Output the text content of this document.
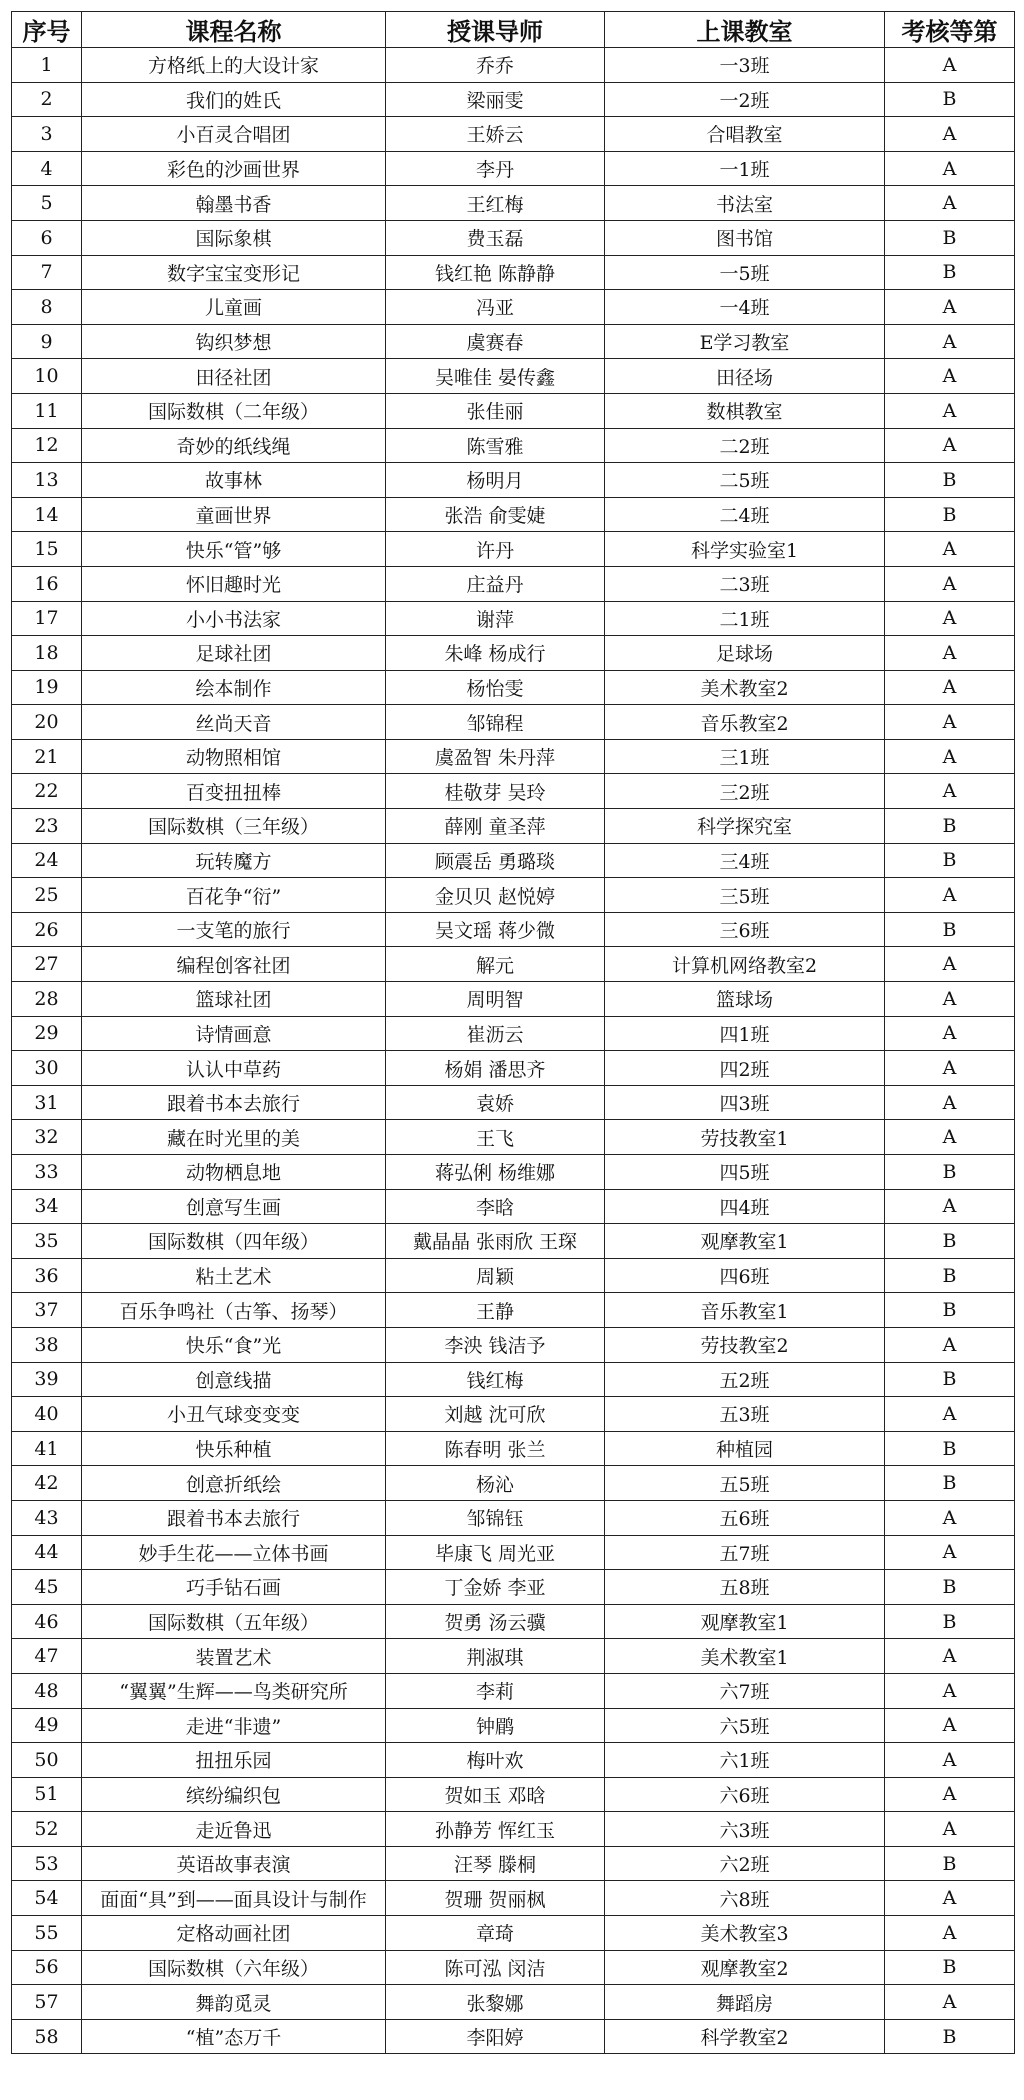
序号	课程名称	授课导师	上课教室	考核等第
1	方格纸上的大设计家	乔乔	一3班	A
2	我们的姓氏	梁丽雯	一2班	B
3	小百灵合唱团	王娇云	合唱教室	A
4	彩色的沙画世界	李丹	一1班	A
5	翰墨书香	王红梅	书法室	A
6	国际象棋	费玉磊	图书馆	B
7	数字宝宝变形记	钱红艳 陈静静	一5班	B
8	儿童画	冯亚	一4班	A
9	钩织梦想	虞赛春	E学习教室	A
10	田径社团	吴唯佳 晏传鑫	田径场	A
11	国际数棋（二年级）	张佳丽	数棋教室	A
12	奇妙的纸线绳	陈雪雅	二2班	A
13	故事林	杨明月	二5班	B
14	童画世界	张浩 俞雯婕	二4班	B
15	快乐“管”够	许丹	科学实验室1	A
16	怀旧趣时光	庄益丹	二3班	A
17	小小书法家	谢萍	二1班	A
18	足球社团	朱峰 杨成行	足球场	A
19	绘本制作	杨怡雯	美术教室2	A
20	丝尚天音	邹锦程	音乐教室2	A
21	动物照相馆	虞盈智 朱丹萍	三1班	A
22	百变扭扭棒	桂敬芽 吴玲	三2班	A
23	国际数棋（三年级）	薛刚 童圣萍	科学探究室	B
24	玩转魔方	顾震岳 勇璐琰	三4班	B
25	百花争“衍”	金贝贝 赵悦婷	三5班	A
26	一支笔的旅行	吴文瑶 蒋少微	三6班	B
27	编程创客社团	解元	计算机网络教室2	A
28	篮球社团	周明智	篮球场	A
29	诗情画意	崔沥云	四1班	A
30	认认中草药	杨娟 潘思齐	四2班	A
31	跟着书本去旅行	袁娇	四3班	A
32	藏在时光里的美	王飞	劳技教室1	A
33	动物栖息地	蒋弘俐 杨维娜	四5班	B
34	创意写生画	李晗	四4班	A
35	国际数棋（四年级）	戴晶晶 张雨欣 王琛	观摩教室1	B
36	粘土艺术	周颖	四6班	B
37	百乐争鸣社（古筝、扬琴）	王静	音乐教室1	B
38	快乐“食”光	李泱 钱洁予	劳技教室2	A
39	创意线描	钱红梅	五2班	B
40	小丑气球变变变	刘越 沈可欣	五3班	A
41	快乐种植	陈春明 张兰	种植园	B
42	创意折纸绘	杨沁	五5班	B
43	跟着书本去旅行	邹锦钰	五6班	A
44	妙手生花——立体书画	毕康飞 周光亚	五7班	A
45	巧手钻石画	丁金娇 李亚	五8班	B
46	国际数棋（五年级）	贺勇 汤云骥	观摩教室1	B
47	装置艺术	荆淑琪	美术教室1	A
48	“翼翼”生辉——鸟类研究所	李莉	六7班	A
49	走进“非遗”	钟鹛	六5班	A
50	扭扭乐园	梅叶欢	六1班	A
51	缤纷编织包	贺如玉 邓晗	六6班	A
52	走近鲁迅	孙静芳 恽红玉	六3班	A
53	英语故事表演	汪琴 滕桐	六2班	B
54	面面“具”到——面具设计与制作	贺珊 贺丽枫	六8班	A
55	定格动画社团	章琦	美术教室3	A
56	国际数棋（六年级）	陈可泓 闵洁	观摩教室2	B
57	舞韵觅灵	张黎娜	舞蹈房	A
58	“植”态万千	李阳婷	科学教室2	B
